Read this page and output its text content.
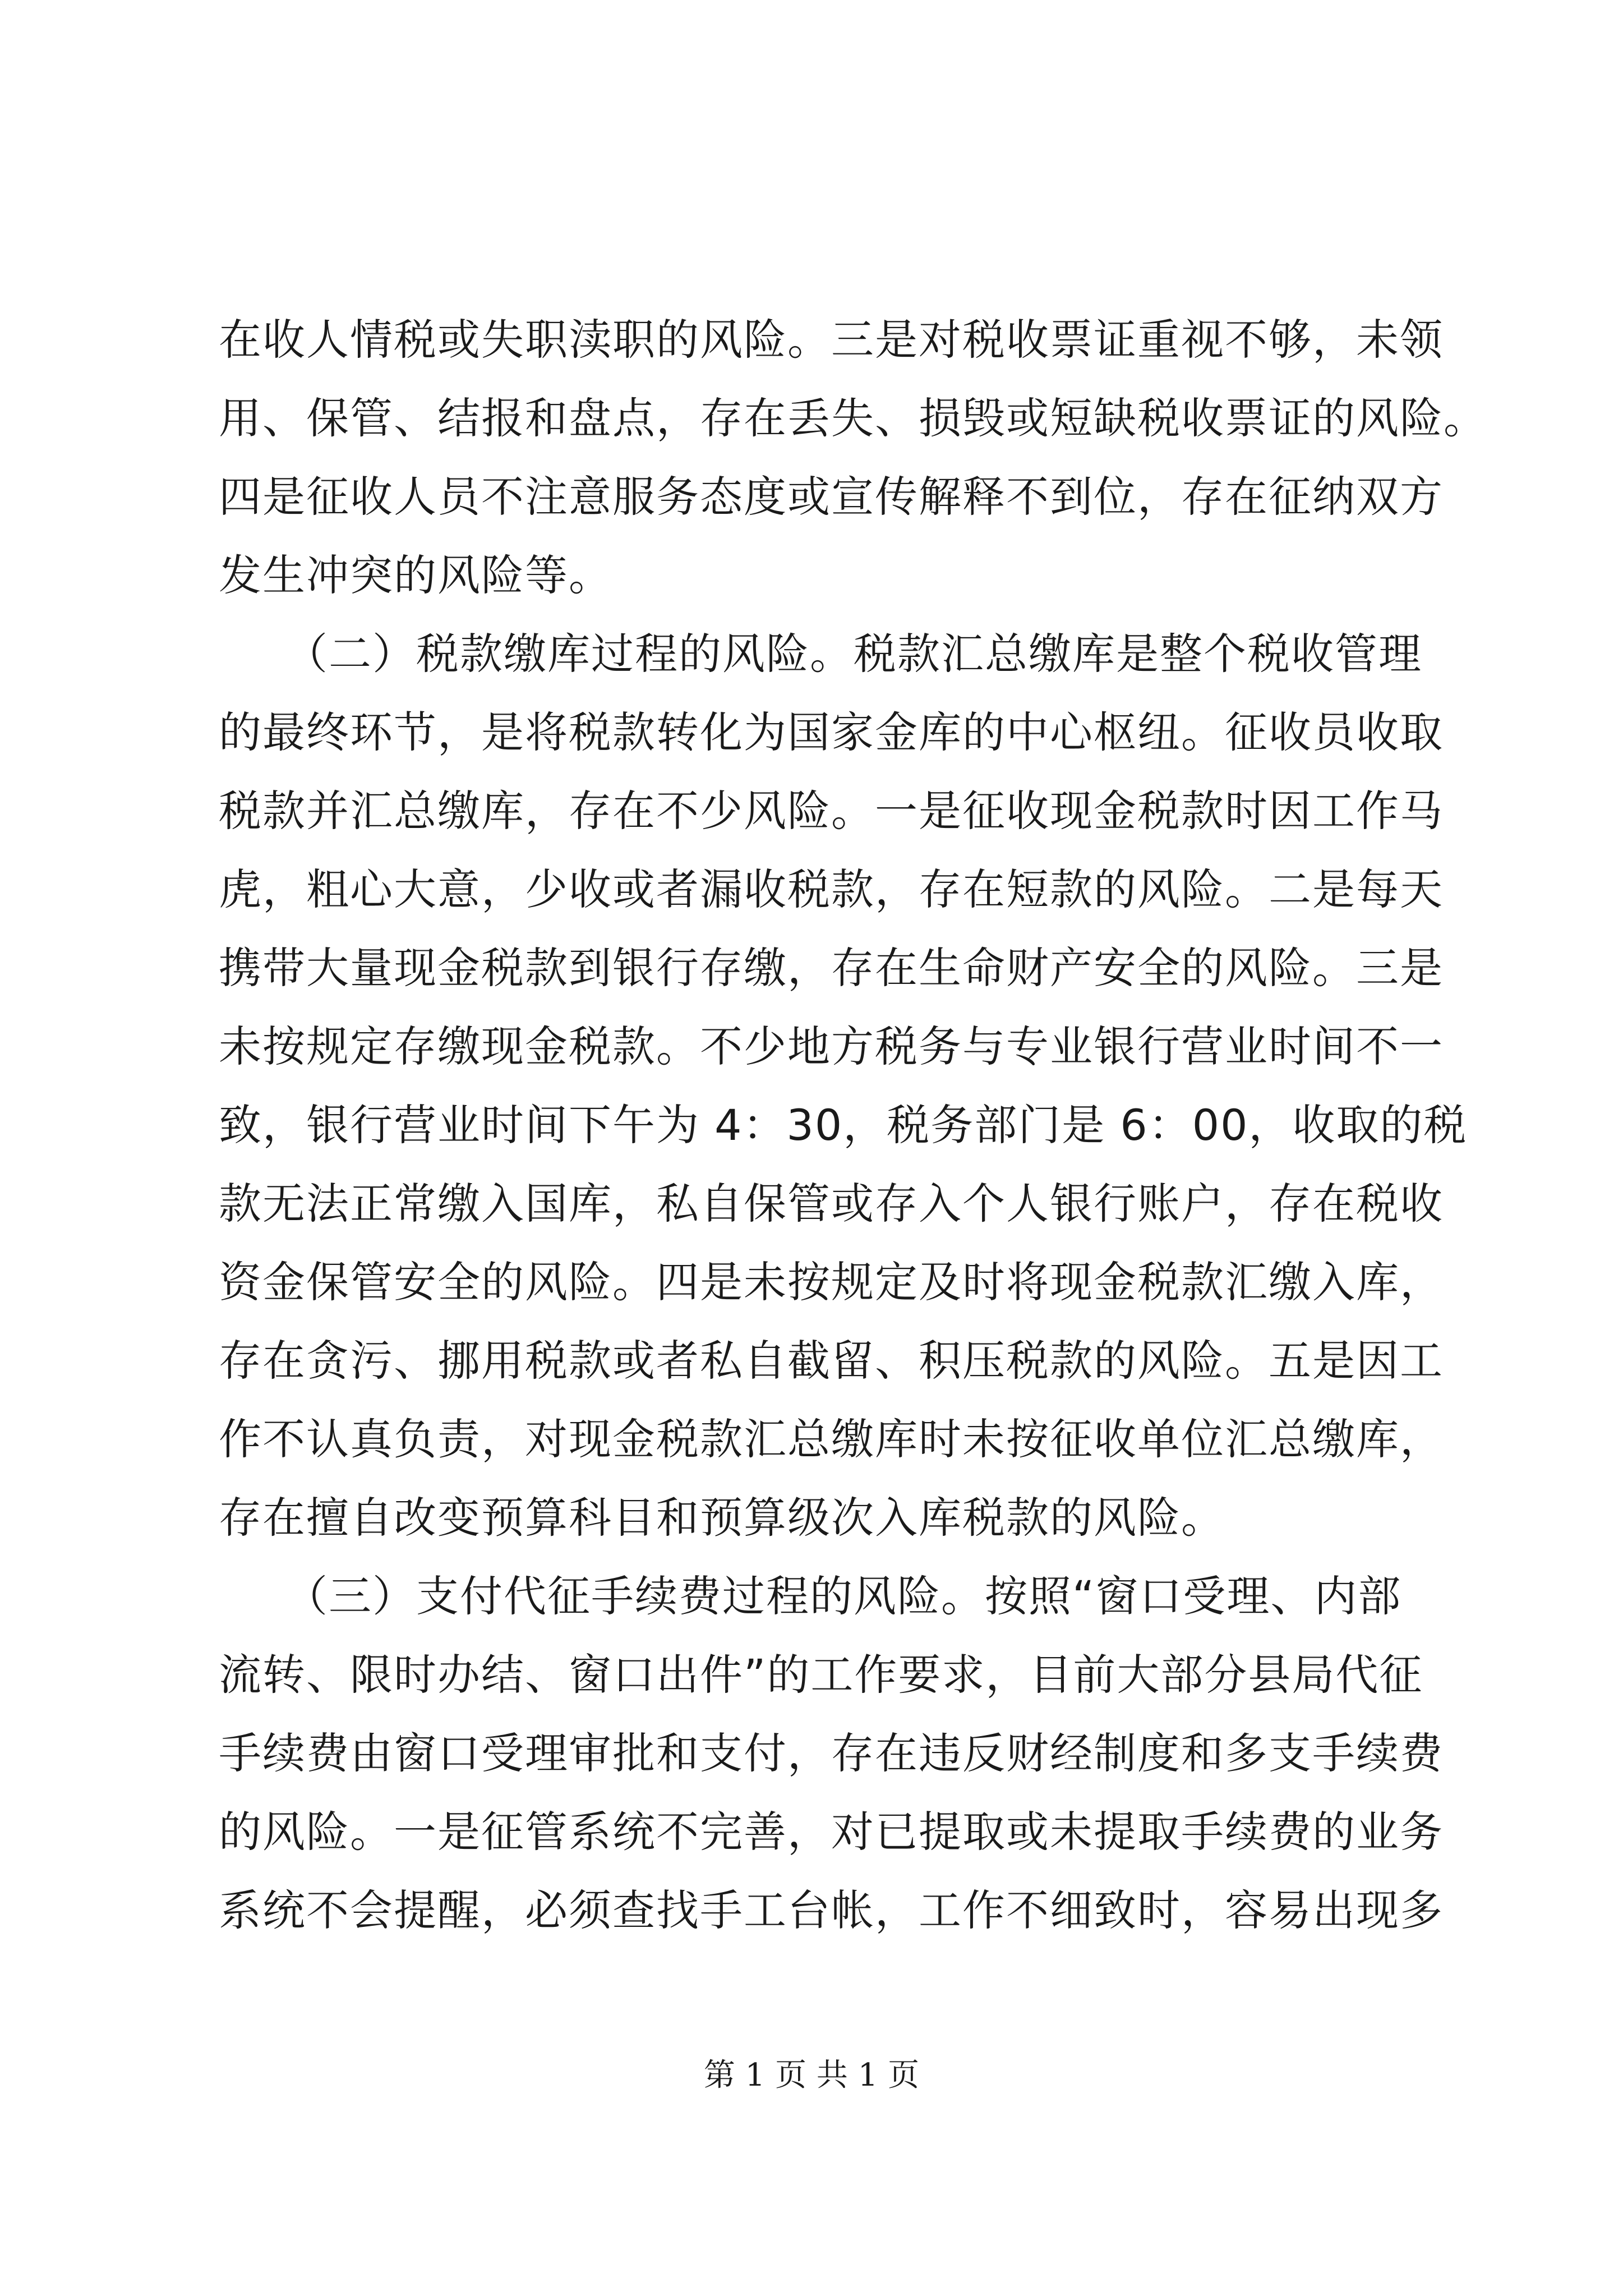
在收人情税或失职渎职的风险。三是对税收票证重视不够，未领
用、保管、结报和盘点，存在丢失、损毁或短缺税收票证的风险。
四是征收人员不注意服务态度或宣传解释不到位，存在征纳双方
发生冲突的风险等。
　　（二）税款缴库过程的风险。税款汇总缴库是整个税收管理
的最终环节，是将税款转化为国家金库的中心枢纽。征收员收取
税款并汇总缴库，存在不少风险。一是征收现金税款时因工作马
虎，粗心大意，少收或者漏收税款，存在短款的风险。二是每天
携带大量现金税款到银行存缴，存在生命财产安全的风险。三是
未按规定存缴现金税款。不少地方税务与专业银行营业时间不一
致，银行营业时间下午为 4：30，税务部门是 6：00，收取的税
款无法正常缴入国库，私自保管或存入个人银行账户，存在税收
资金保管安全的风险。四是未按规定及时将现金税款汇缴入库，
存在贪污、挪用税款或者私自截留、积压税款的风险。五是因工
作不认真负责，对现金税款汇总缴库时未按征收单位汇总缴库，
存在擅自改变预算科目和预算级次入库税款的风险。
　　（三）支付代征手续费过程的风险。按照“窗口受理、内部
流转、限时办结、窗口出件”的工作要求，目前大部分县局代征
手续费由窗口受理审批和支付，存在违反财经制度和多支手续费
的风险。一是征管系统不完善，对已提取或未提取手续费的业务
系统不会提醒，必须查找手工台帐，工作不细致时，容易出现多
第 1 页 共 1 页
